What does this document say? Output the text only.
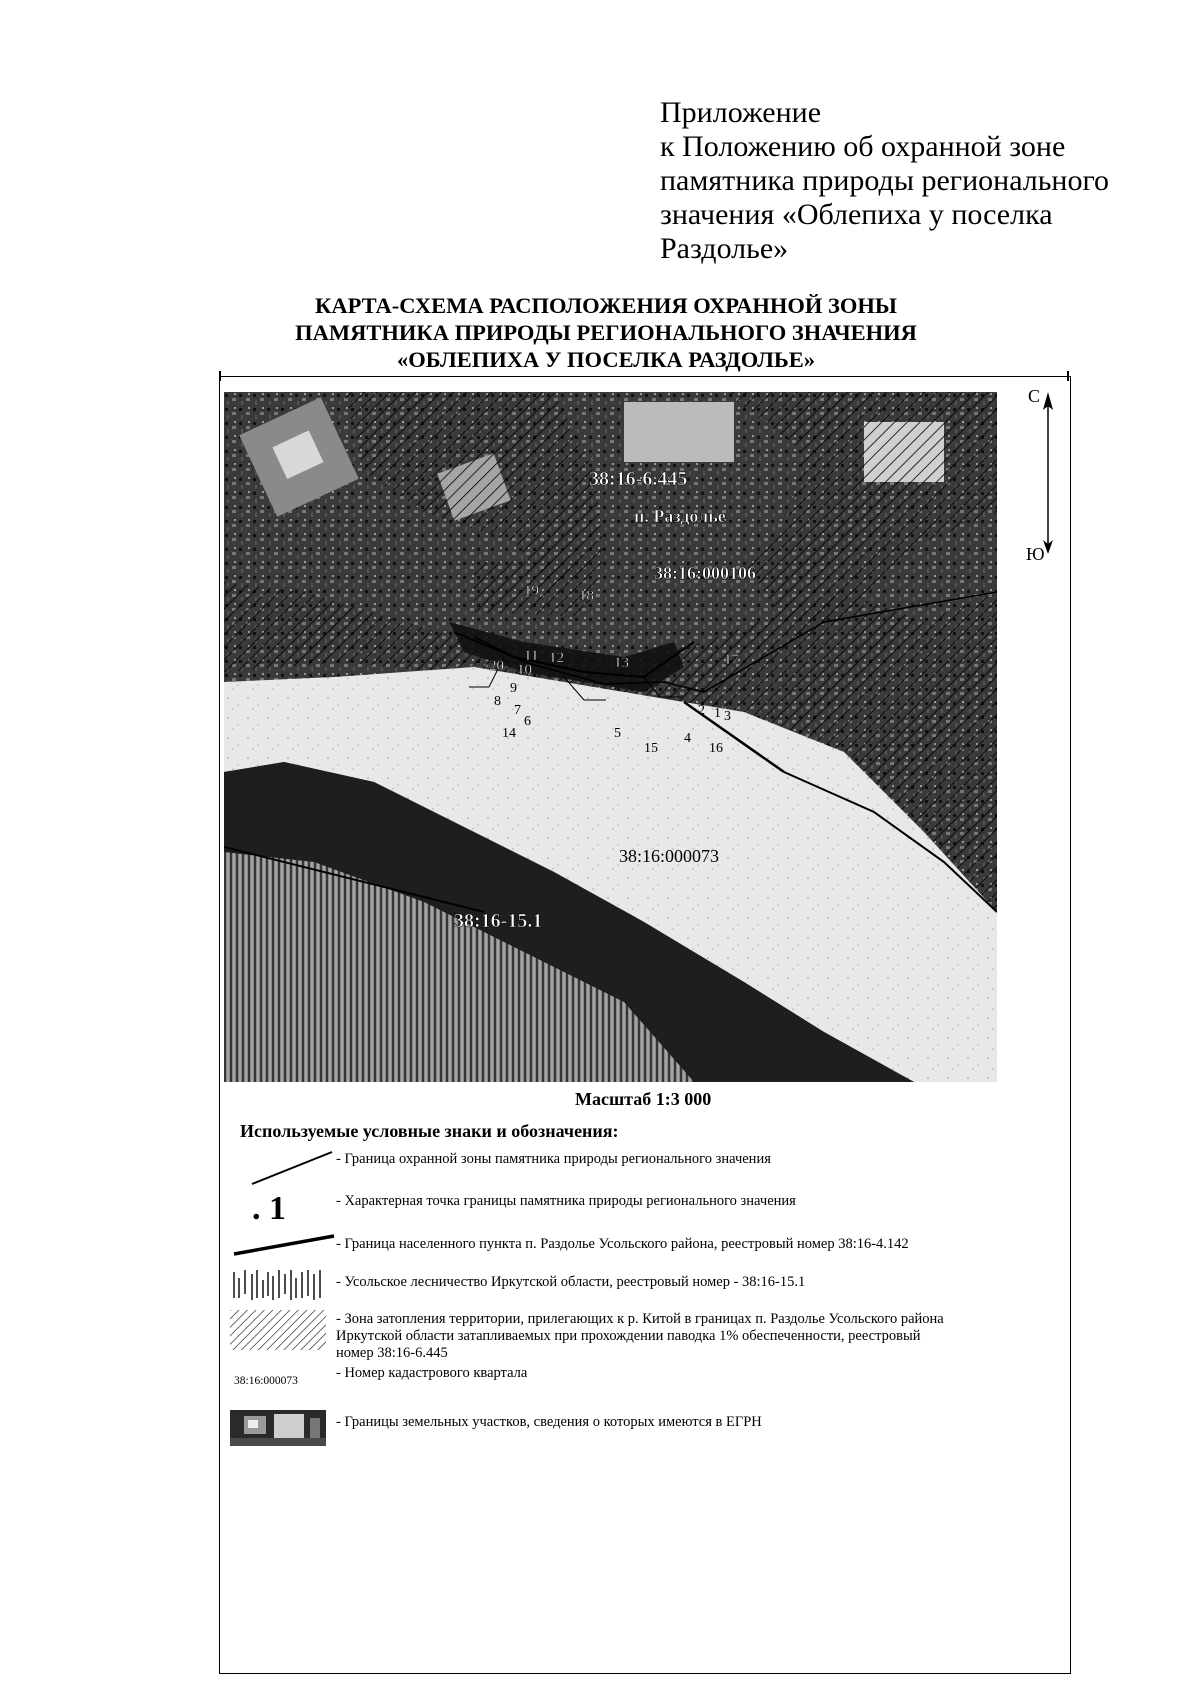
Приложение
к Положению об охранной зоне
памятника природы регионального
значения «Облепиха у поселка
Раздолье»
КАРТА-СХЕМА РАСПОЛОЖЕНИЯ ОХРАННОЙ ЗОНЫ
ПАМЯТНИКА ПРИРОДЫ РЕГИОНАЛЬНОГО ЗНАЧЕНИЯ
«ОБЛЕПИХА У ПОСЕЛКА РАЗДОЛЬЕ»
38:16-6.445
п. Раздолье
38:16:000106
38:16:000073
38:16-15.1
19	18
20
11 12
10	13	17
9
8
7
6
14	5
15
4
16
1
2 3
С
Ю
Масштаб 1:3 000
Используемые условные знаки и обозначения:
- Граница охранной зоны памятника природы регионального значения
. 1	- Характерная точка границы памятника природы регионального значения
- Граница населенного пункта п. Раздолье Усольского района, реестровый номер 38:16-4.142
- Усольское лесничество Иркутской области, реестровый номер - 38:16-15.1
- Зона затопления территории, прилегающих к р. Китой в границах п. Раздолье Усольского района
Иркутской области затапливаемых при прохождении паводка 1% обеспеченности, реестровый
номер 38:16-6.445
38:16:000073	- Номер кадастрового квартала
- Границы земельных участков, сведения о которых имеются в ЕГРН
